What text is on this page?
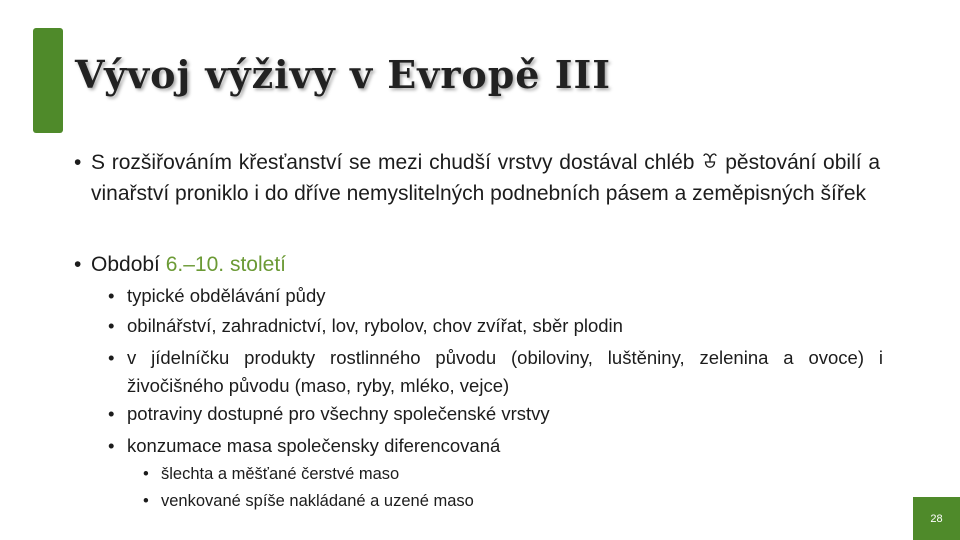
Vývoj výživy v Evropě III
• S rozšiřováním křesťanství se mezi chudší vrstvy dostával chléb pěstování obilí a vinařství proniklo i do dříve nemyslitelných podnebních pásem a zeměpisných šířek
• Období 6.–10. století
• typické obdělávání půdy
• obilnářství, zahradnictví, lov, rybolov, chov zvířat, sběr plodin
• v jídelníčku produkty rostlinného původu (obiloviny, luštěniny, zelenina a ovoce) i živočišného původu (maso, ryby, mléko, vejce)
• potraviny dostupné pro všechny společenské vrstvy
• konzumace masa společensky diferencovaná
• šlechta a měšťané čerstvé maso
• venkované spíše nakládané a uzené maso
28
